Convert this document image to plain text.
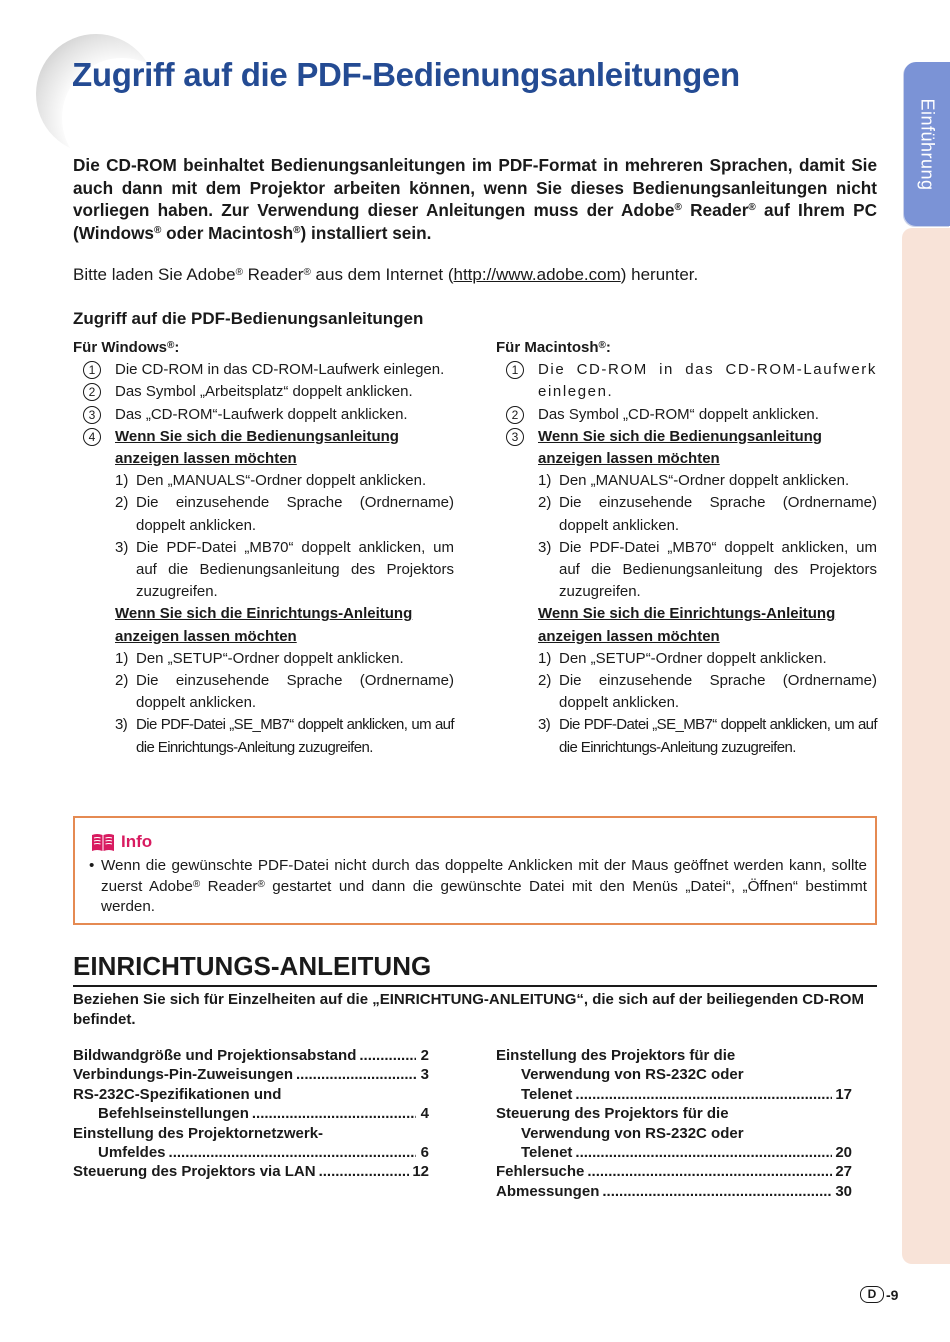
Zugriff auf die PDF-Bedienungsanleitungen
Einführung

Die CD-ROM beinhaltet Bedienungsanleitungen im PDF-Format in mehreren Sprachen, damit Sie auch dann mit dem Projektor arbeiten können, wenn Sie dieses Bedienungsanleitungen nicht vorliegen haben. Zur Verwendung dieser Anleitungen muss der Adobe® Reader® auf Ihrem PC (Windows® oder Macintosh®) installiert sein.

Bitte laden Sie Adobe® Reader® aus dem Internet (http://www.adobe.com) herunter.

Zugriff auf die PDF-Bedienungsanleitungen

Für Windows®:

1	Die CD-ROM in das CD-ROM-Laufwerk einlegen.
2	Das Symbol „Arbeitsplatz“ doppelt anklicken.
3	Das „CD-ROM“-Laufwerk doppelt anklicken.
4	Wenn Sie sich die Bedienungsanleitung
anzeigen lassen möchten
1) Den „MANUALS“-Ordner doppelt anklicken.
2) Die einzusehende Sprache (Ordnername) doppelt anklicken.
3) Die PDF-Datei „MB70“ doppelt anklicken, um auf die Bedienungsanleitung des Projektors zuzugreifen.
Wenn Sie sich die Einrichtungs-Anleitung
anzeigen lassen möchten
1) Den „SETUP“-Ordner doppelt anklicken.
2) Die einzusehende Sprache (Ordnername) doppelt anklicken.
3) Die PDF-Datei „SE_MB7“ doppelt anklicken, um auf die Einrichtungs-Anleitung zuzugreifen.

Für Macintosh®:

1	Die CD-ROM in das CD-ROM-Laufwerk einlegen.
2	Das Symbol „CD-ROM“ doppelt anklicken.
3	Wenn Sie sich die Bedienungsanleitung
anzeigen lassen möchten
1) Den „MANUALS“-Ordner doppelt anklicken.
2) Die einzusehende Sprache (Ordnername) doppelt anklicken.
3) Die PDF-Datei „MB70“ doppelt anklicken, um auf die Bedienungsanleitung des Projektors zuzugreifen.
Wenn Sie sich die Einrichtungs-Anleitung
anzeigen lassen möchten
1) Den „SETUP“-Ordner doppelt anklicken.
2) Die einzusehende Sprache (Ordnername) doppelt anklicken.
3) Die PDF-Datei „SE_MB7“ doppelt anklicken, um auf die Einrichtungs-Anleitung zuzugreifen.
Info
• Wenn die gewünschte PDF-Datei nicht durch das doppelte Anklicken mit der Maus geöffnet werden kann, sollte zuerst Adobe® Reader® gestartet und dann die gewünschte Datei mit den Menüs „Datei“, „Öffnen“ bestimmt werden.
EINRICHTUNGS-ANLEITUNG

Beziehen Sie sich für Einzelheiten auf die „EINRICHTUNG-ANLEITUNG“, die sich auf der beiliegenden CD-ROM befindet.

Bildwandgröße und Projektionsabstand .....	2
Verbindungs-Pin-Zuweisungen .....	3
RS-232C-Spezifikationen und
Befehlseinstellungen .....	4
Einstellung des Projektornetzwerk-
Umfeldes .....	6
Steuerung des Projektors via LAN .....	12
Einstellung des Projektors für die
Verwendung von RS-232C oder
Telenet .....	17
Steuerung des Projektors für die
Verwendung von RS-232C oder
Telenet .....	20
Fehlersuche .....	27
Abmessungen .....	30
D -9
